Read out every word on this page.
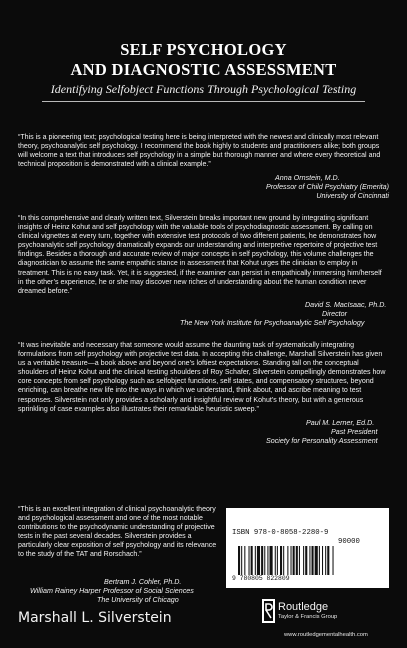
SELF PSYCHOLOGY
AND DIAGNOSTIC ASSESSMENT
Identifying Selfobject Functions Through Psychological Testing
“This is a pioneering text; psychological testing here is being interpreted with the newest and clinically most relevant theory, psychoanalytic self psychology. I recommend the book highly to students and practitioners alike; both groups will welcome a text that introduces self psychology in a simple but thorough manner and where every theoretical and technical proposition is demonstrated with a clinical example.”
Anna Ornstein, M.D.
Professor of Child Psychiatry (Emerita)
University of Cincinnati
“In this comprehensive and clearly written text, Silverstein breaks important new ground by integrating significant insights of Heinz Kohut and self psychology with the valuable tools of psychodiagnostic assessment. By calling on clinical vignettes at every turn, together with extensive test protocols of two different patients, he demonstrates how psychoanalytic self psychology dramatically expands our understanding and interpretive repertoire of projective test findings. Besides a thorough and accurate review of major concepts in self psychology, this volume challenges the diagnostician to assume the same empathic stance in assessment that Kohut urges the clinician to employ in treatment. This is no easy task. Yet, it is suggested, if the examiner can persist in empathically immersing him/herself in the other’s experience, he or she may discover new riches of understanding about the human condition never dreamed before.”
David S. MacIsaac, Ph.D.
Director
The New York Institute for Psychoanalytic Self Psychology
“It was inevitable and necessary that someone would assume the daunting task of systematically integrating formulations from self psychology with projective test data. In accepting this challenge, Marshall Silverstein has given us a veritable treasure—a book above and beyond one’s loftiest expectations. Standing tall on the conceptual shoulders of Heinz Kohut and the clinical testing shoulders of Roy Schafer, Silverstein compellingly demonstrates how core concepts from self psychology such as selfobject functions, self states, and compensatory structures, beyond enriching, can breathe new life into the ways in which we understand, think about, and ascribe meaning to test responses. Silverstein not only provides a scholarly and insightful review of Kohut’s theory, but with a generous sprinkling of case examples also illustrates their remarkable heuristic sweep.”
Paul M. Lerner, Ed.D.
Past President
Society for Personality Assessment
“This is an excellent integration of clinical psychoanalytic theory and psychological assessment and one of the most notable contributions to the psychodynamic understanding of projective tests in the past several decades. Silverstein provides a particularly clear exposition of self psychology and its relevance to the study of the TAT and Rorschach.”
Bertram J. Cohler, Ph.D.
William Rainey Harper Professor of Social Sciences
The University of Chicago
ISBN 978-0-8058-2280-9
90000
9 780805 822809
Marshall L. Silverstein
Routledge
Taylor & Francis Group
www.routledgementalhealth.com
